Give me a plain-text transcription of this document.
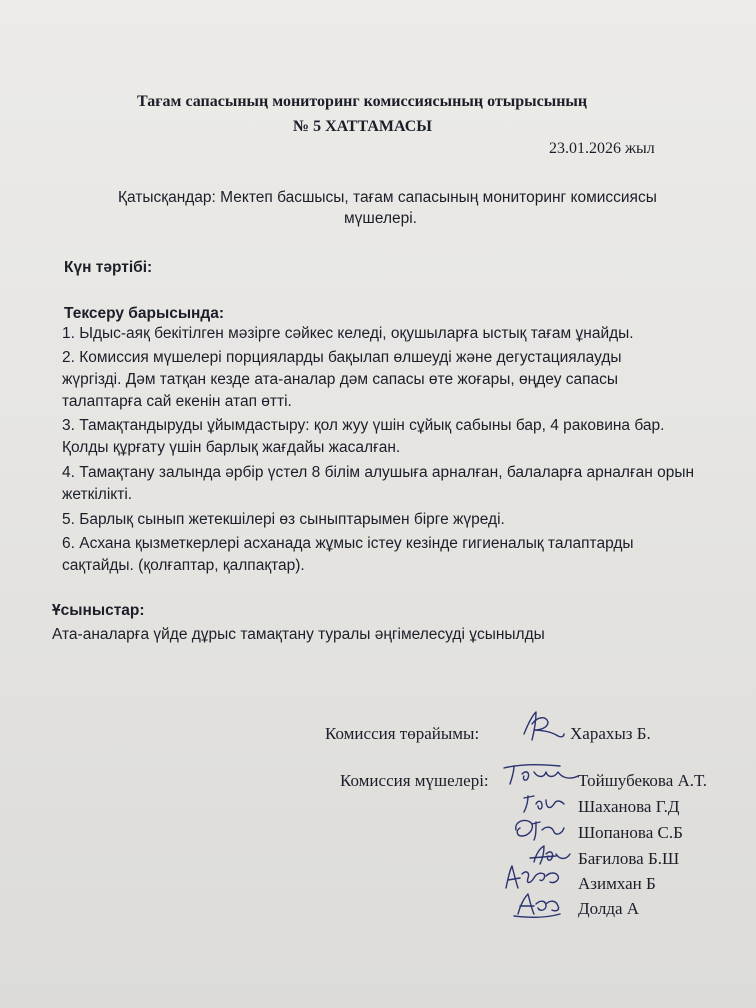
Тағам сапасының мониторинг комиссиясының отырысының
№ 5 ХАТТАМАСЫ
23.01.2026 жыл
Қатысқандар: Мектеп басшысы, тағам сапасының мониторинг комиссиясы
мүшелері.
Күн тәртібі:
Тексеру барысында:
1. Ыдыс-аяқ бекітілген мәзірге сәйкес келеді, оқушыларға ыстық тағам ұнайды.
2. Комиссия мүшелері порцияларды бақылап өлшеуді және дегустациялауды
жүргізді. Дәм татқан кезде ата-аналар дәм сапасы өте жоғары, өңдеу сапасы
талаптарға сай екенін атап өтті.
3. Тамақтандыруды ұйымдастыру: қол жуу үшін сұйық сабыны бар, 4 раковина бар.
Қолды құрғату үшін барлық жағдайы жасалған.
4. Тамақтану залында әрбір үстел 8 білім алушыға арналған, балаларға арналған орын
жеткілікті.
5. Барлық сынып жетекшілері өз сыныптарымен бірге жүреді.
6. Асхана қызметкерлері асханада жұмыс істеу кезінде гигиеналық талаптарды
сақтайды. (қолғаптар, қалпақтар).
Ұсыныстар:
Ата-аналарға үйде дұрыс тамақтану туралы әңгімелесуді ұсынылды
Комиссия төрайымы:	Харахыз Б.
Комиссия мүшелері:	Тойшубекова А.Т.
Шаханова Г.Д
Шопанова С.Б
Бағилова Б.Ш
Азимхан Б
Долда А
